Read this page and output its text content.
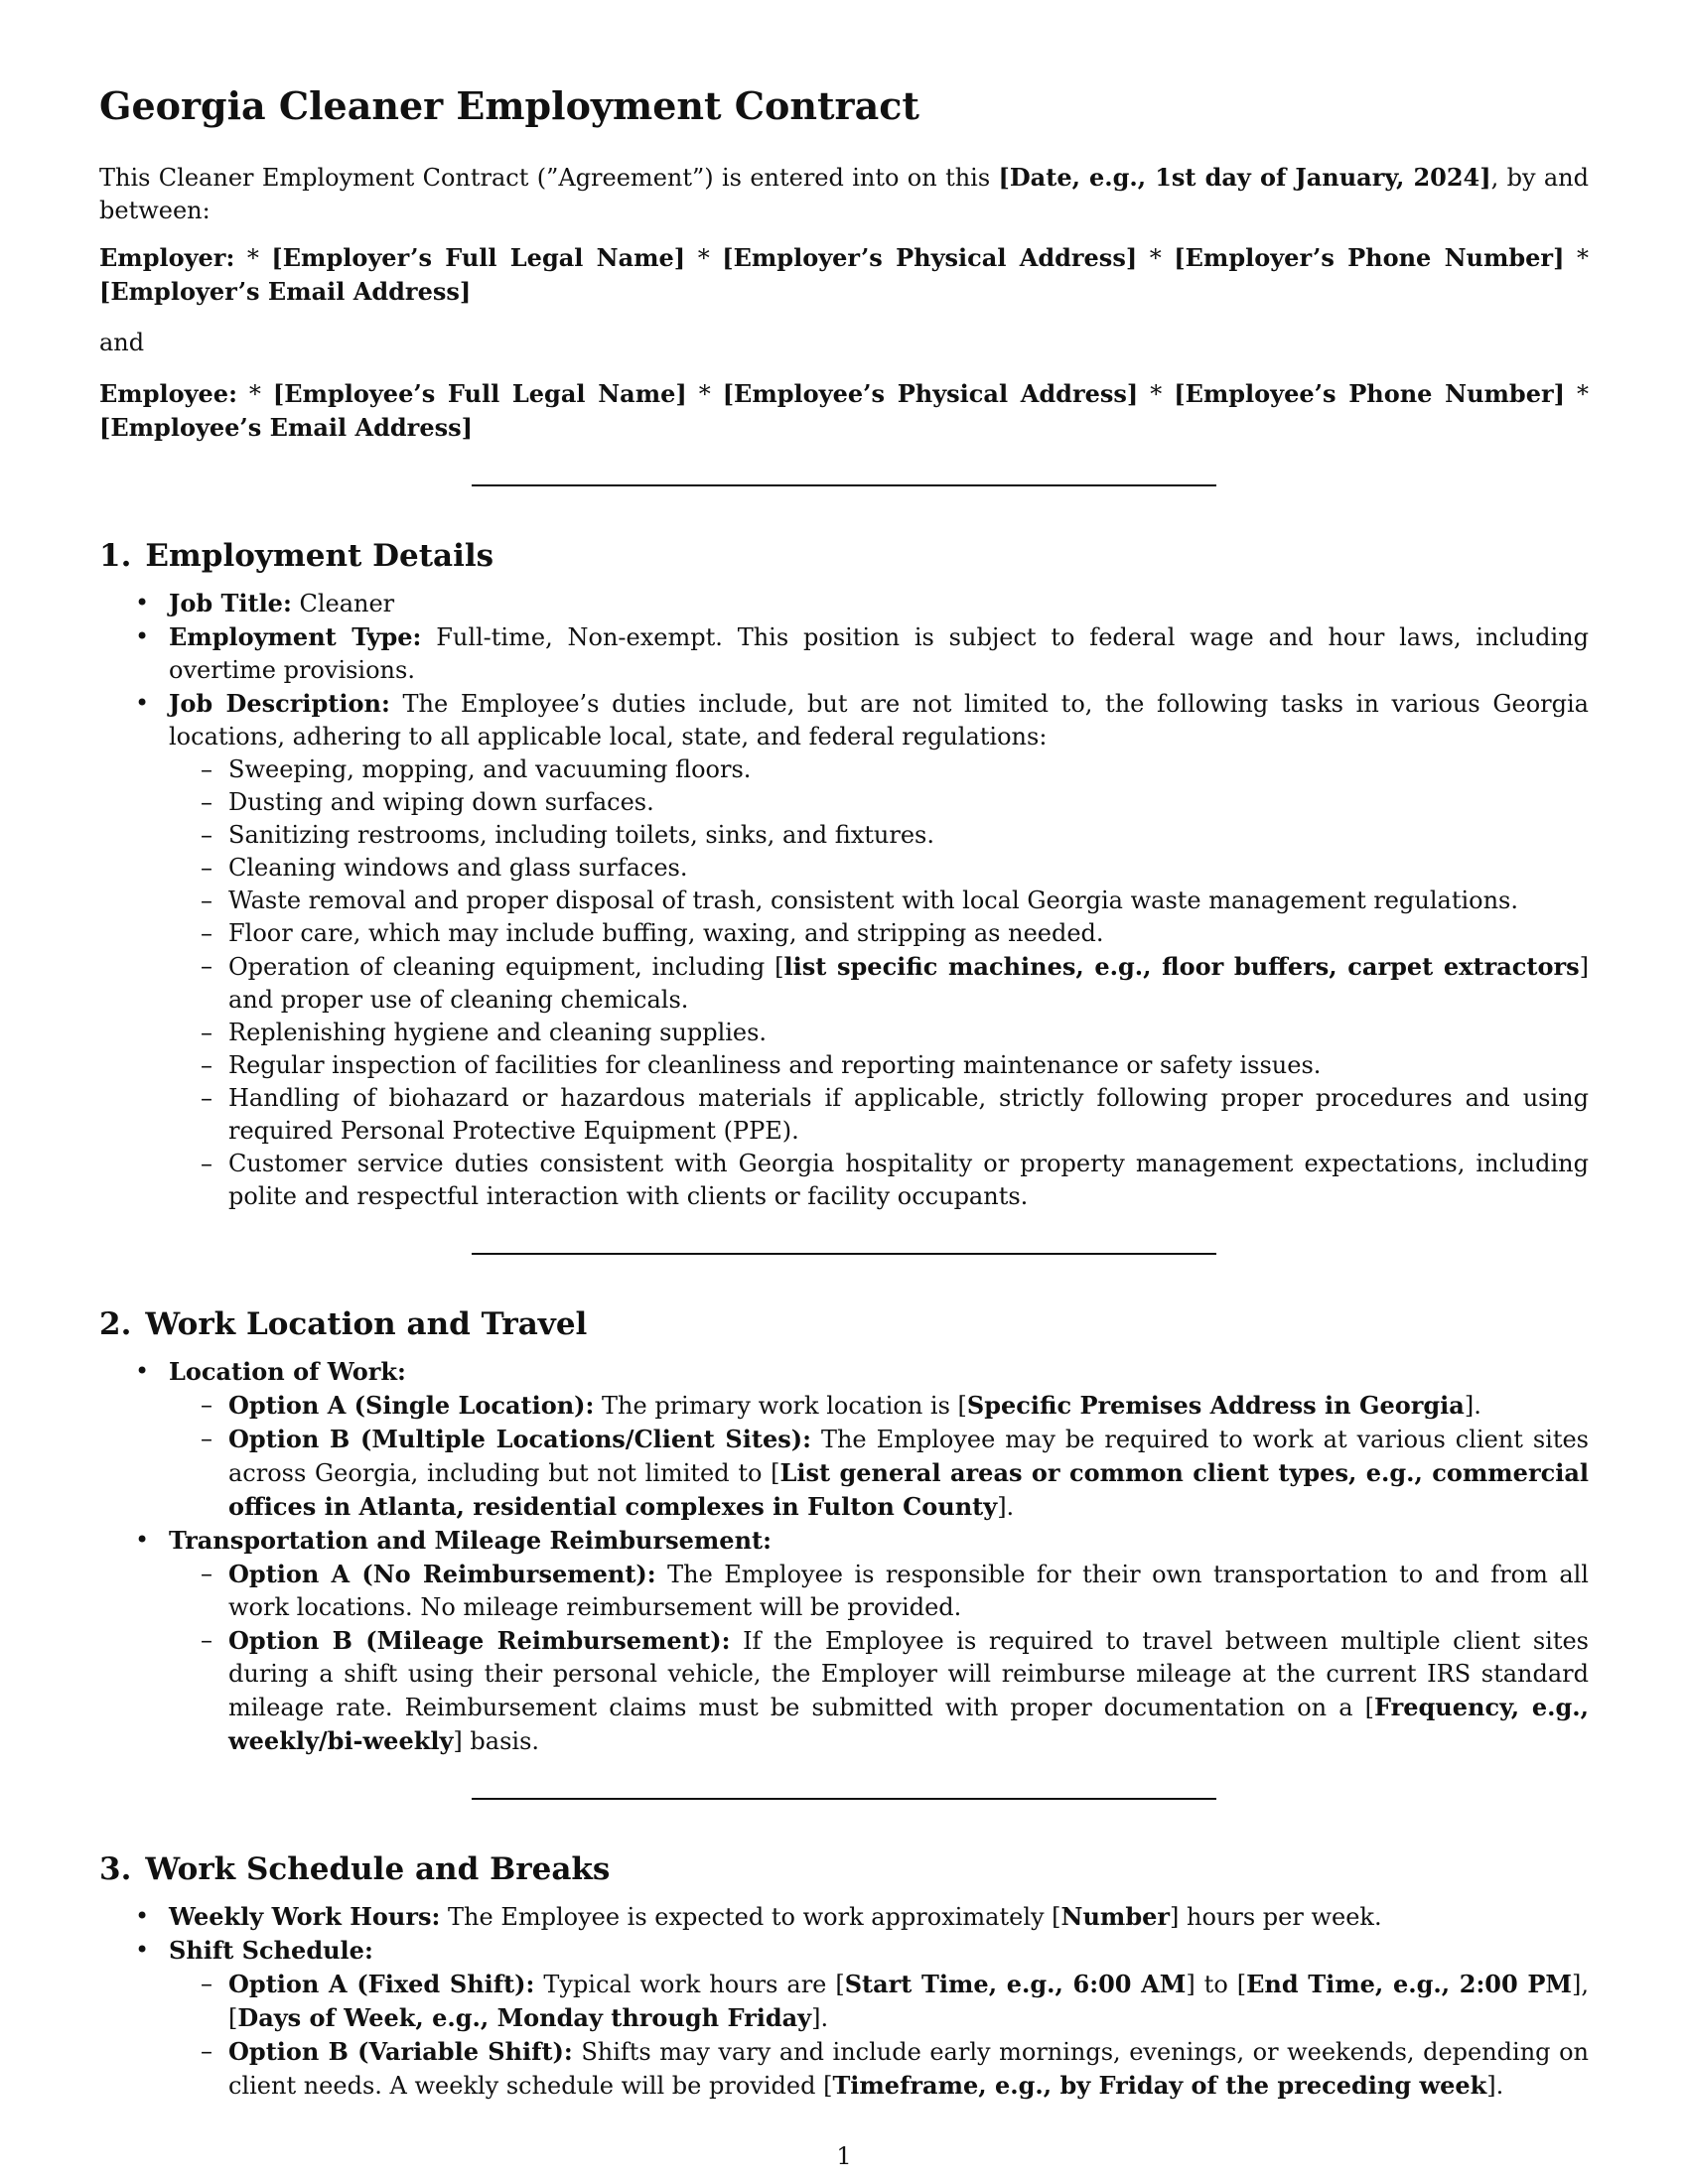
Georgia Cleaner Employment Contract

This Cleaner Employment Contract (”Agreement”) is entered into on this [Date, e.g., 1st day of January, 2024], by and between:

Employer: * [Employer’s Full Legal Name] * [Employer’s Physical Address] * [Employer’s Phone Number] * [Employer’s Email Address]

and

Employee: * [Employee’s Full Legal Name] * [Employee’s Physical Address] * [Employee’s Phone Number] * [Employee’s Email Address]

1. Employment Details
• Job Title: Cleaner
• Employment Type: Full-time, Non-exempt. This position is subject to federal wage and hour laws, including overtime provisions.
• Job Description: The Employee’s duties include, but are not limited to, the following tasks in various Georgia locations, adhering to all applicable local, state, and federal regulations:
– Sweeping, mopping, and vacuuming floors.
– Dusting and wiping down surfaces.
– Sanitizing restrooms, including toilets, sinks, and fixtures.
– Cleaning windows and glass surfaces.
– Waste removal and proper disposal of trash, consistent with local Georgia waste management regulations.
– Floor care, which may include buffing, waxing, and stripping as needed.
– Operation of cleaning equipment, including [list specific machines, e.g., floor buffers, carpet extractors] and proper use of cleaning chemicals.
– Replenishing hygiene and cleaning supplies.
– Regular inspection of facilities for cleanliness and reporting maintenance or safety issues.
– Handling of biohazard or hazardous materials if applicable, strictly following proper procedures and using required Personal Protective Equipment (PPE).
– Customer service duties consistent with Georgia hospitality or property management expectations, including polite and respectful interaction with clients or facility occupants.
2. Work Location and Travel
• Location of Work:
– Option A (Single Location): The primary work location is [Specific Premises Address in Georgia].
– Option B (Multiple Locations/Client Sites): The Employee may be required to work at various client sites across Georgia, including but not limited to [List general areas or common client types, e.g., commercial offices in Atlanta, residential complexes in Fulton County].
• Transportation and Mileage Reimbursement:
– Option A (No Reimbursement): The Employee is responsible for their own transportation to and from all work locations. No mileage reimbursement will be provided.
– Option B (Mileage Reimbursement): If the Employee is required to travel between multiple client sites during a shift using their personal vehicle, the Employer will reimburse mileage at the current IRS standard mileage rate. Reimbursement claims must be submitted with proper documentation on a [Frequency, e.g., weekly/bi-weekly] basis.
3. Work Schedule and Breaks
• Weekly Work Hours: The Employee is expected to work approximately [Number] hours per week.
• Shift Schedule:
– Option A (Fixed Shift): Typical work hours are [Start Time, e.g., 6:00 AM] to [End Time, e.g., 2:00 PM], [Days of Week, e.g., Monday through Friday].
– Option B (Variable Shift): Shifts may vary and include early mornings, evenings, or weekends, depending on client needs. A weekly schedule will be provided [Timeframe, e.g., by Friday of the preceding week].
1
